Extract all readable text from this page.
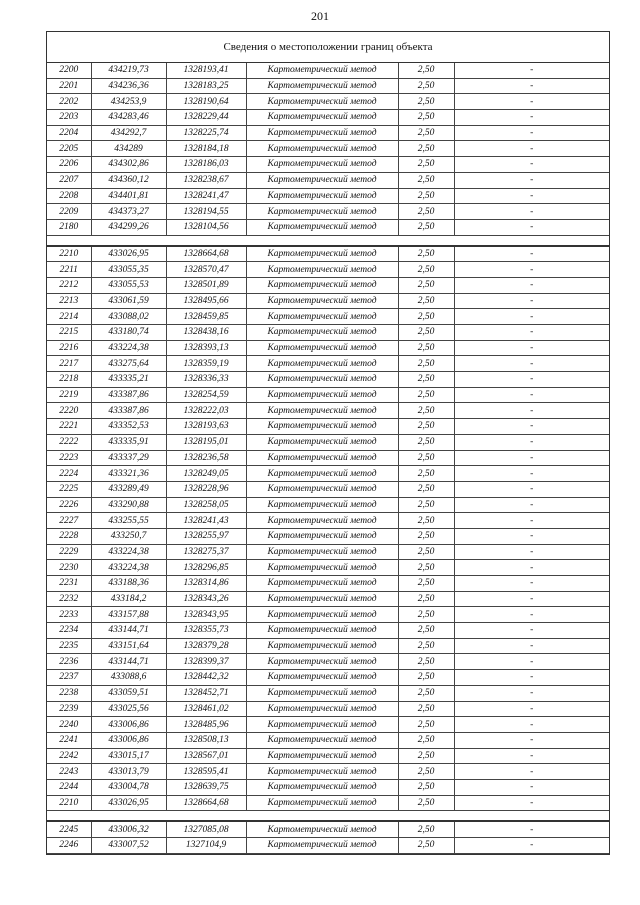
201
Сведения о местоположении границ объекта
2200	434219,73	1328193,41	Картометрический метод	2,50	-
2201	434236,36	1328183,25	Картометрический метод	2,50	-
2202	434253,9	1328190,64	Картометрический метод	2,50	-
2203	434283,46	1328229,44	Картометрический метод	2,50	-
2204	434292,7	1328225,74	Картометрический метод	2,50	-
2205	434289	1328184,18	Картометрический метод	2,50	-
2206	434302,86	1328186,03	Картометрический метод	2,50	-
2207	434360,12	1328238,67	Картометрический метод	2,50	-
2208	434401,81	1328241,47	Картометрический метод	2,50	-
2209	434373,27	1328194,55	Картометрический метод	2,50	-
2180	434299,26	1328104,56	Картометрический метод	2,50	-

2210	433026,95	1328664,68	Картометрический метод	2,50	-
2211	433055,35	1328570,47	Картометрический метод	2,50	-
2212	433055,53	1328501,89	Картометрический метод	2,50	-
2213	433061,59	1328495,66	Картометрический метод	2,50	-
2214	433088,02	1328459,85	Картометрический метод	2,50	-
2215	433180,74	1328438,16	Картометрический метод	2,50	-
2216	433224,38	1328393,13	Картометрический метод	2,50	-
2217	433275,64	1328359,19	Картометрический метод	2,50	-
2218	433335,21	1328336,33	Картометрический метод	2,50	-
2219	433387,86	1328254,59	Картометрический метод	2,50	-
2220	433387,86	1328222,03	Картометрический метод	2,50	-
2221	433352,53	1328193,63	Картометрический метод	2,50	-
2222	433335,91	1328195,01	Картометрический метод	2,50	-
2223	433337,29	1328236,58	Картометрический метод	2,50	-
2224	433321,36	1328249,05	Картометрический метод	2,50	-
2225	433289,49	1328228,96	Картометрический метод	2,50	-
2226	433290,88	1328258,05	Картометрический метод	2,50	-
2227	433255,55	1328241,43	Картометрический метод	2,50	-
2228	433250,7	1328255,97	Картометрический метод	2,50	-
2229	433224,38	1328275,37	Картометрический метод	2,50	-
2230	433224,38	1328296,85	Картометрический метод	2,50	-
2231	433188,36	1328314,86	Картометрический метод	2,50	-
2232	433184,2	1328343,26	Картометрический метод	2,50	-
2233	433157,88	1328343,95	Картометрический метод	2,50	-
2234	433144,71	1328355,73	Картометрический метод	2,50	-
2235	433151,64	1328379,28	Картометрический метод	2,50	-
2236	433144,71	1328399,37	Картометрический метод	2,50	-
2237	433088,6	1328442,32	Картометрический метод	2,50	-
2238	433059,51	1328452,71	Картометрический метод	2,50	-
2239	433025,56	1328461,02	Картометрический метод	2,50	-
2240	433006,86	1328485,96	Картометрический метод	2,50	-
2241	433006,86	1328508,13	Картометрический метод	2,50	-
2242	433015,17	1328567,01	Картометрический метод	2,50	-
2243	433013,79	1328595,41	Картометрический метод	2,50	-
2244	433004,78	1328639,75	Картометрический метод	2,50	-
2210	433026,95	1328664,68	Картометрический метод	2,50	-

2245	433006,32	1327085,08	Картометрический метод	2,50	-
2246	433007,52	1327104,9	Картометрический метод	2,50	-
